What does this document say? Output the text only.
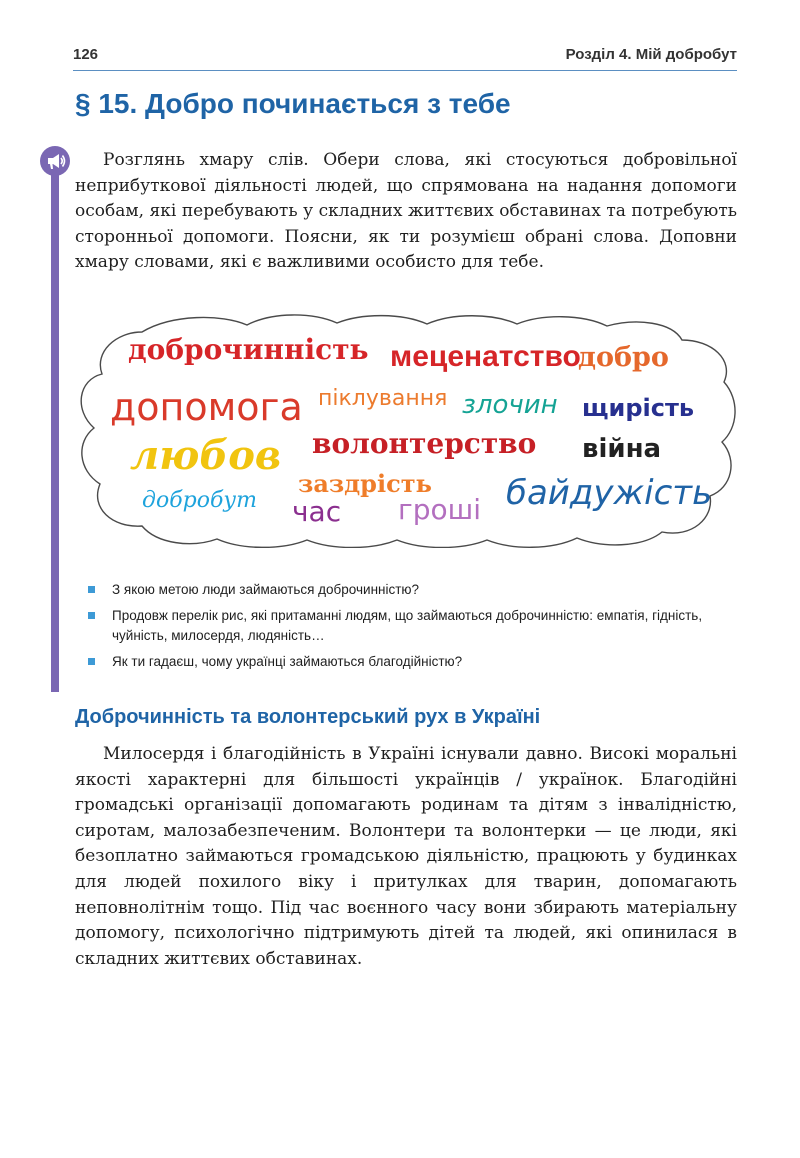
126	Розділ 4. Мій добробут
§ 15. Добро починається з тебе

Розглянь хмару слів. Обери слова, які стосуються добровільної неприбуткової діяльності людей, що спрямована на надання допомоги особам, які перебувають у складних життєвих обставинах та потребують сторонньої допомоги. Поясни, як ти розумієш обрані слова. Доповни хмару словами, які є важливими особисто для тебе.

доброчинність меценатство
добро
допомога піклування злочин щирість
любов волонтерство війна
добробут
заздрість
час гроші байдужість
З якою метою люди займаються доброчинністю?
Продовж перелік рис, які притаманні людям, що займаються доброчинністю: емпатія, гідність, чуйність, милосердя, людяність…
Як ти гадаєш, чому українці займаються благодійністю?
Доброчинність та волонтерський рух в Україні

Милосердя і благодійність в Україні існували давно. Високі моральні якості характерні для більшості українців / українок. Благодійні громадські організації допомагають родинам та дітям з інвалідністю, сиротам, малозабезпеченим. Волонтери та волонтерки — це люди, які безоплатно займаються громадською діяльністю, працюють у будинках для людей похилого віку і притулках для тварин, допомагають неповнолітнім тощо. Під час воєнного часу вони збирають матеріальну допомогу, психологічно підтримують дітей та людей, які опинилася в складних життєвих обставинах.
